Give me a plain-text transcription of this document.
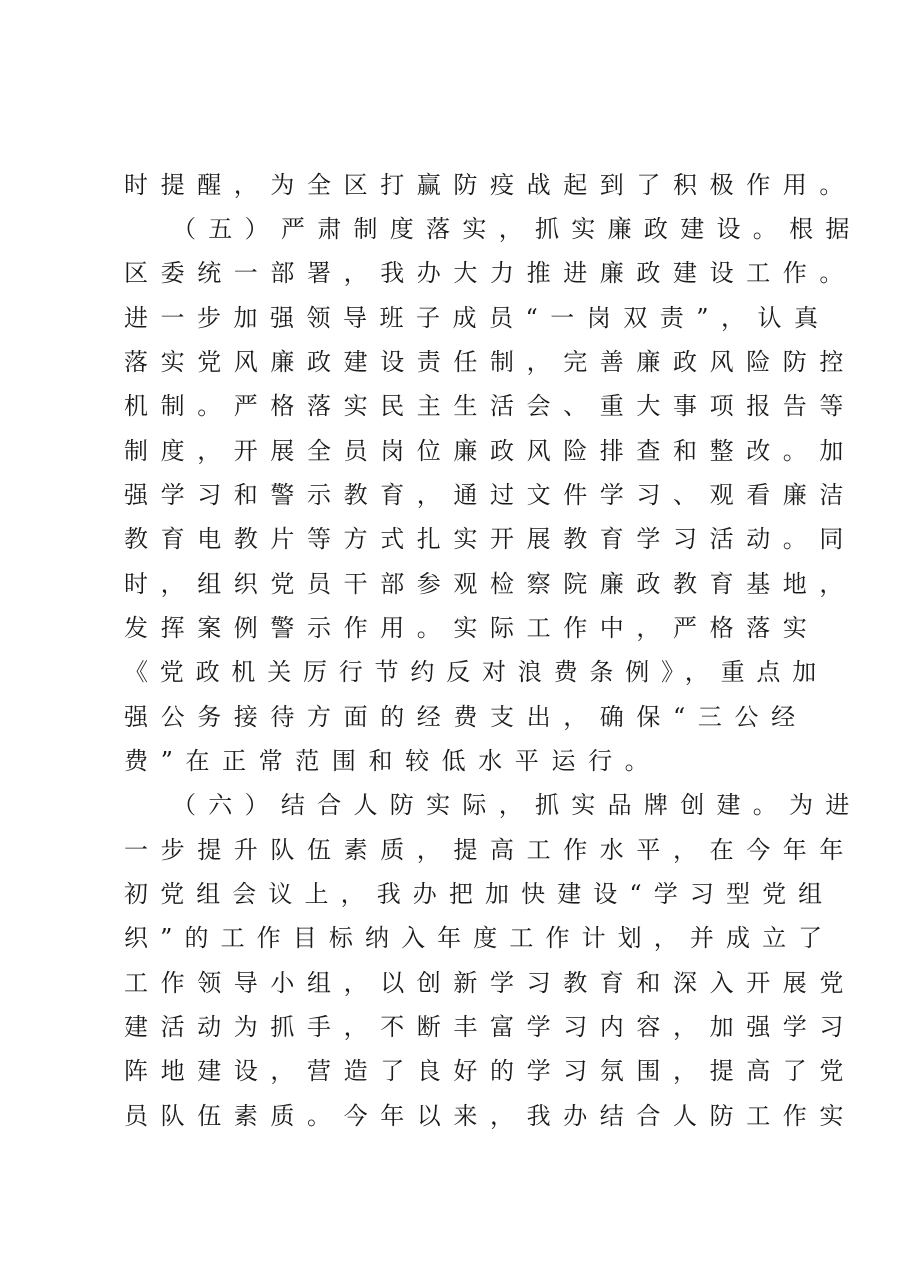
时提醒，为全区打赢防疫战起到了积极作用。
（五）严肃制度落实，抓实廉政建设。根据
区委统一部署，我办大力推进廉政建设工作。
进一步加强领导班子成员“一岗双责”，认真
落实党风廉政建设责任制，完善廉政风险防控
机制。严格落实民主生活会、重大事项报告等
制度，开展全员岗位廉政风险排查和整改。加
强学习和警示教育，通过文件学习、观看廉洁
教育电教片等方式扎实开展教育学习活动。同
时，组织党员干部参观检察院廉政教育基地，
发挥案例警示作用。实际工作中，严格落实
《党政机关厉行节约反对浪费条例》，重点加
强公务接待方面的经费支出，确保“三公经
费”在正常范围和较低水平运行。
（六）结合人防实际，抓实品牌创建。为进
一步提升队伍素质，提高工作水平，在今年年
初党组会议上，我办把加快建设“学习型党组
织”的工作目标纳入年度工作计划，并成立了
工作领导小组，以创新学习教育和深入开展党
建活动为抓手，不断丰富学习内容，加强学习
阵地建设，营造了良好的学习氛围，提高了党
员队伍素质。今年以来，我办结合人防工作实
